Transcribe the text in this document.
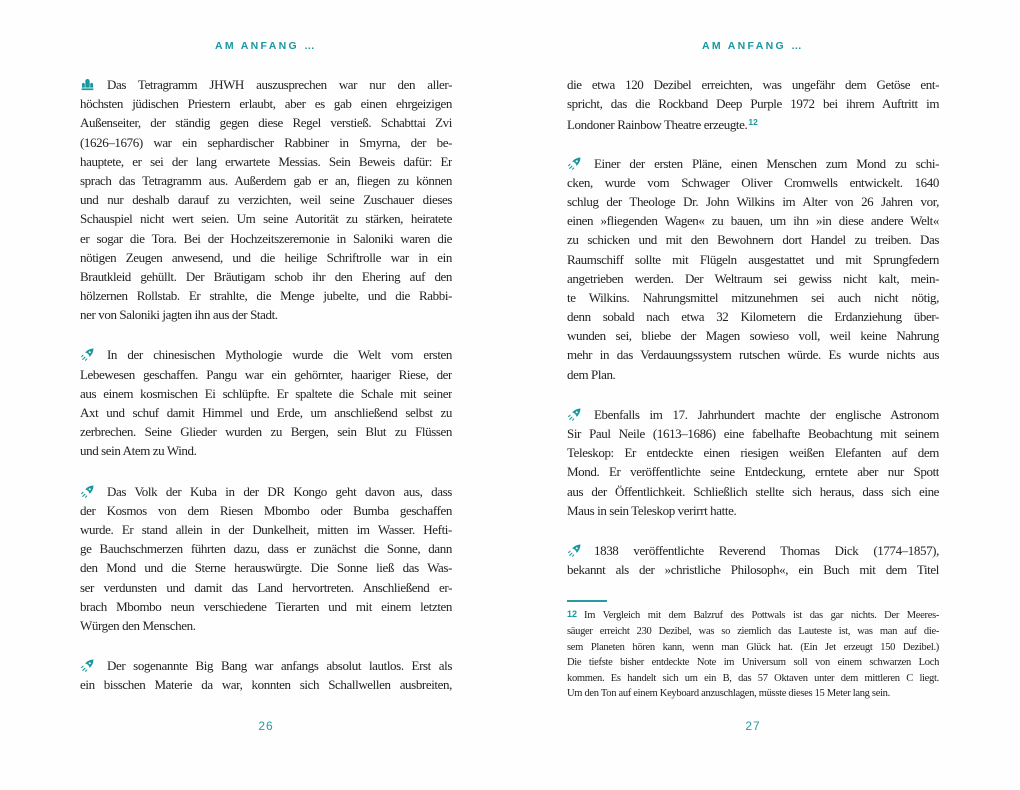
AM ANFANG …
Das Tetragramm JHWH auszusprechen war nur den aller-
höchsten jüdischen Priestern erlaubt, aber es gab einen ehrgeizigen
Außenseiter, der ständig gegen diese Regel verstieß. Schabttai Zvi
(1626–1676) war ein sephardischer Rabbiner in Smyrna, der be-
hauptete, er sei der lang erwartete Messias. Sein Beweis dafür: Er
sprach das Tetragramm aus. Außerdem gab er an, fliegen zu können
und nur deshalb darauf zu verzichten, weil seine Zuschauer dieses
Schauspiel nicht wert seien. Um seine Autorität zu stärken, heiratete
er sogar die Tora. Bei der Hochzeitszeremonie in Saloniki waren die
nötigen Zeugen anwesend, und die heilige Schriftrolle war in ein
Brautkleid gehüllt. Der Bräutigam schob ihr den Ehering auf den
hölzernen Rollstab. Er strahlte, die Menge jubelte, und die Rabbi-
ner von Saloniki jagten ihn aus der Stadt.
In der chinesischen Mythologie wurde die Welt vom ersten
Lebewesen geschaffen. Pangu war ein gehörnter, haariger Riese, der
aus einem kosmischen Ei schlüpfte. Er spaltete die Schale mit seiner
Axt und schuf damit Himmel und Erde, um anschließend selbst zu
zerbrechen. Seine Glieder wurden zu Bergen, sein Blut zu Flüssen
und sein Atem zu Wind.
Das Volk der Kuba in der DR Kongo geht davon aus, dass
der Kosmos von dem Riesen Mbombo oder Bumba geschaffen
wurde. Er stand allein in der Dunkelheit, mitten im Wasser. Hefti-
ge Bauchschmerzen führten dazu, dass er zunächst die Sonne, dann
den Mond und die Sterne herauswürgte. Die Sonne ließ das Was-
ser verdunsten und damit das Land hervortreten. Anschließend er-
brach Mbombo neun verschiedene Tierarten und mit einem letzten
Würgen den Menschen.
Der sogenannte Big Bang war anfangs absolut lautlos. Erst als
ein bisschen Materie da war, konnten sich Schallwellen ausbreiten,
26
AM ANFANG …
die etwa 120 Dezibel erreichten, was ungefähr dem Getöse ent-
spricht, das die Rockband Deep Purple 1972 bei ihrem Auftritt im
Londoner Rainbow Theatre erzeugte.$^{12}$
Einer der ersten Pläne, einen Menschen zum Mond zu schi-
cken, wurde vom Schwager Oliver Cromwells entwickelt. 1640
schlug der Theologe Dr. John Wilkins im Alter von 26 Jahren vor,
einen »fliegenden Wagen« zu bauen, um ihn »in diese andere Welt«
zu schicken und mit den Bewohnern dort Handel zu treiben. Das
Raumschiff sollte mit Flügeln ausgestattet und mit Sprungfedern
angetrieben werden. Der Weltraum sei gewiss nicht kalt, mein-
te Wilkins. Nahrungsmittel mitzunehmen sei auch nicht nötig,
denn sobald nach etwa 32 Kilometern die Erdanziehung über-
wunden sei, bliebe der Magen sowieso voll, weil keine Nahrung
mehr in das Verdauungssystem rutschen würde. Es wurde nichts aus
dem Plan.
Ebenfalls im 17. Jahrhundert machte der englische Astronom
Sir Paul Neile (1613–1686) eine fabelhafte Beobachtung mit seinem
Teleskop: Er entdeckte einen riesigen weißen Elefanten auf dem
Mond. Er veröffentlichte seine Entdeckung, erntete aber nur Spott
aus der Öffentlichkeit. Schließlich stellte sich heraus, dass sich eine
Maus in sein Teleskop verirrt hatte.
1838 veröffentlichte Reverend Thomas Dick (1774–1857),
bekannt als der »christliche Philosoph«, ein Buch mit dem Titel
12 Im Vergleich mit dem Balzruf des Pottwals ist das gar nichts. Der Meeres-
säuger erreicht 230 Dezibel, was so ziemlich das Lauteste ist, was man auf die-
sem Planeten hören kann, wenn man Glück hat. (Ein Jet erzeugt 150 Dezibel.)
Die tiefste bisher entdeckte Note im Universum soll von einem schwarzen Loch
kommen. Es handelt sich um ein B, das 57 Oktaven unter dem mittleren C liegt.
Um den Ton auf einem Keyboard anzuschlagen, müsste dieses 15 Meter lang sein.
27
